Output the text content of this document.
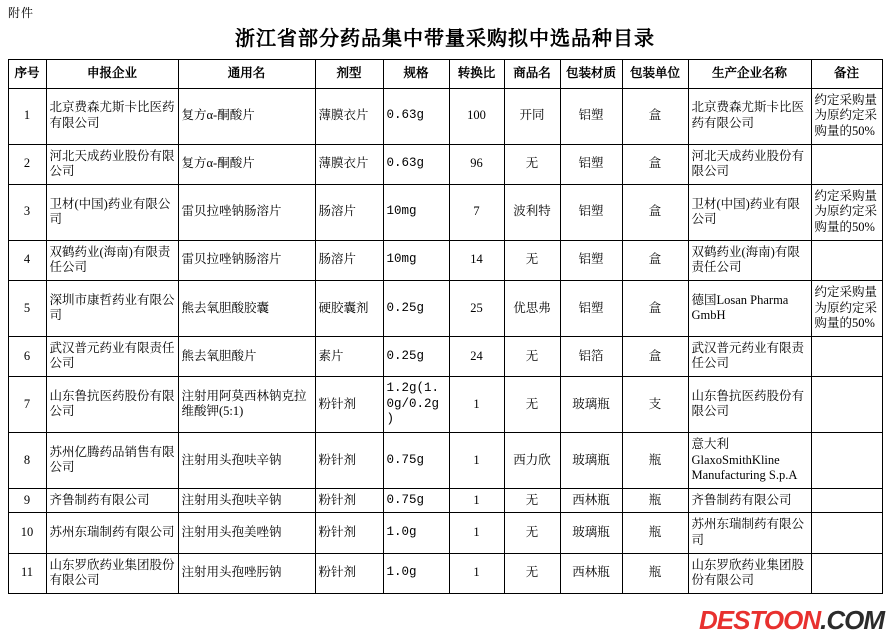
附件
浙江省部分药品集中带量采购拟中选品种目录
序号	申报企业	通用名	剂型	规格	转换比	商品名	包装材质	包装单位	生产企业名称	备注
1	北京费森尤斯卡比医药有限公司	复方α-酮酸片	薄膜衣片	0.63g	100	开同	铝塑	盒	北京费森尤斯卡比医药有限公司	约定采购量为原约定采购量的50%
2	河北天成药业股份有限公司	复方α-酮酸片	薄膜衣片	0.63g	96	无	铝塑	盒	河北天成药业股份有限公司	
3	卫材(中国)药业有限公司	雷贝拉唑钠肠溶片	肠溶片	10mg	7	波利特	铝塑	盒	卫材(中国)药业有限公司	约定采购量为原约定采购量的50%
4	双鹤药业(海南)有限责任公司	雷贝拉唑钠肠溶片	肠溶片	10mg	14	无	铝塑	盒	双鹤药业(海南)有限责任公司	
5	深圳市康哲药业有限公司	熊去氧胆酸胶囊	硬胶囊剂	0.25g	25	优思弗	铝塑	盒	德国Losan Pharma GmbH	约定采购量为原约定采购量的50%
6	武汉普元药业有限责任公司	熊去氧胆酸片	素片	0.25g	24	无	铝箔	盒	武汉普元药业有限责任公司	
7	山东鲁抗医药股份有限公司	注射用阿莫西林钠克拉维酸钾(5:1)	粉针剂	1.2g(1.0g/0.2g)	1	无	玻璃瓶	支	山东鲁抗医药股份有限公司	
8	苏州亿腾药品销售有限公司	注射用头孢呋辛钠	粉针剂	0.75g	1	西力欣	玻璃瓶	瓶	意大利GlaxoSmithKline Manufacturing S.p.A	
9	齐鲁制药有限公司	注射用头孢呋辛钠	粉针剂	0.75g	1	无	西林瓶	瓶	齐鲁制药有限公司	
10	苏州东瑞制药有限公司	注射用头孢美唑钠	粉针剂	1.0g	1	无	玻璃瓶	瓶	苏州东瑞制药有限公司	
11	山东罗欣药业集团股份有限公司	注射用头孢唑肟钠	粉针剂	1.0g	1	无	西林瓶	瓶	山东罗欣药业集团股份有限公司	
DESTOON.COM
